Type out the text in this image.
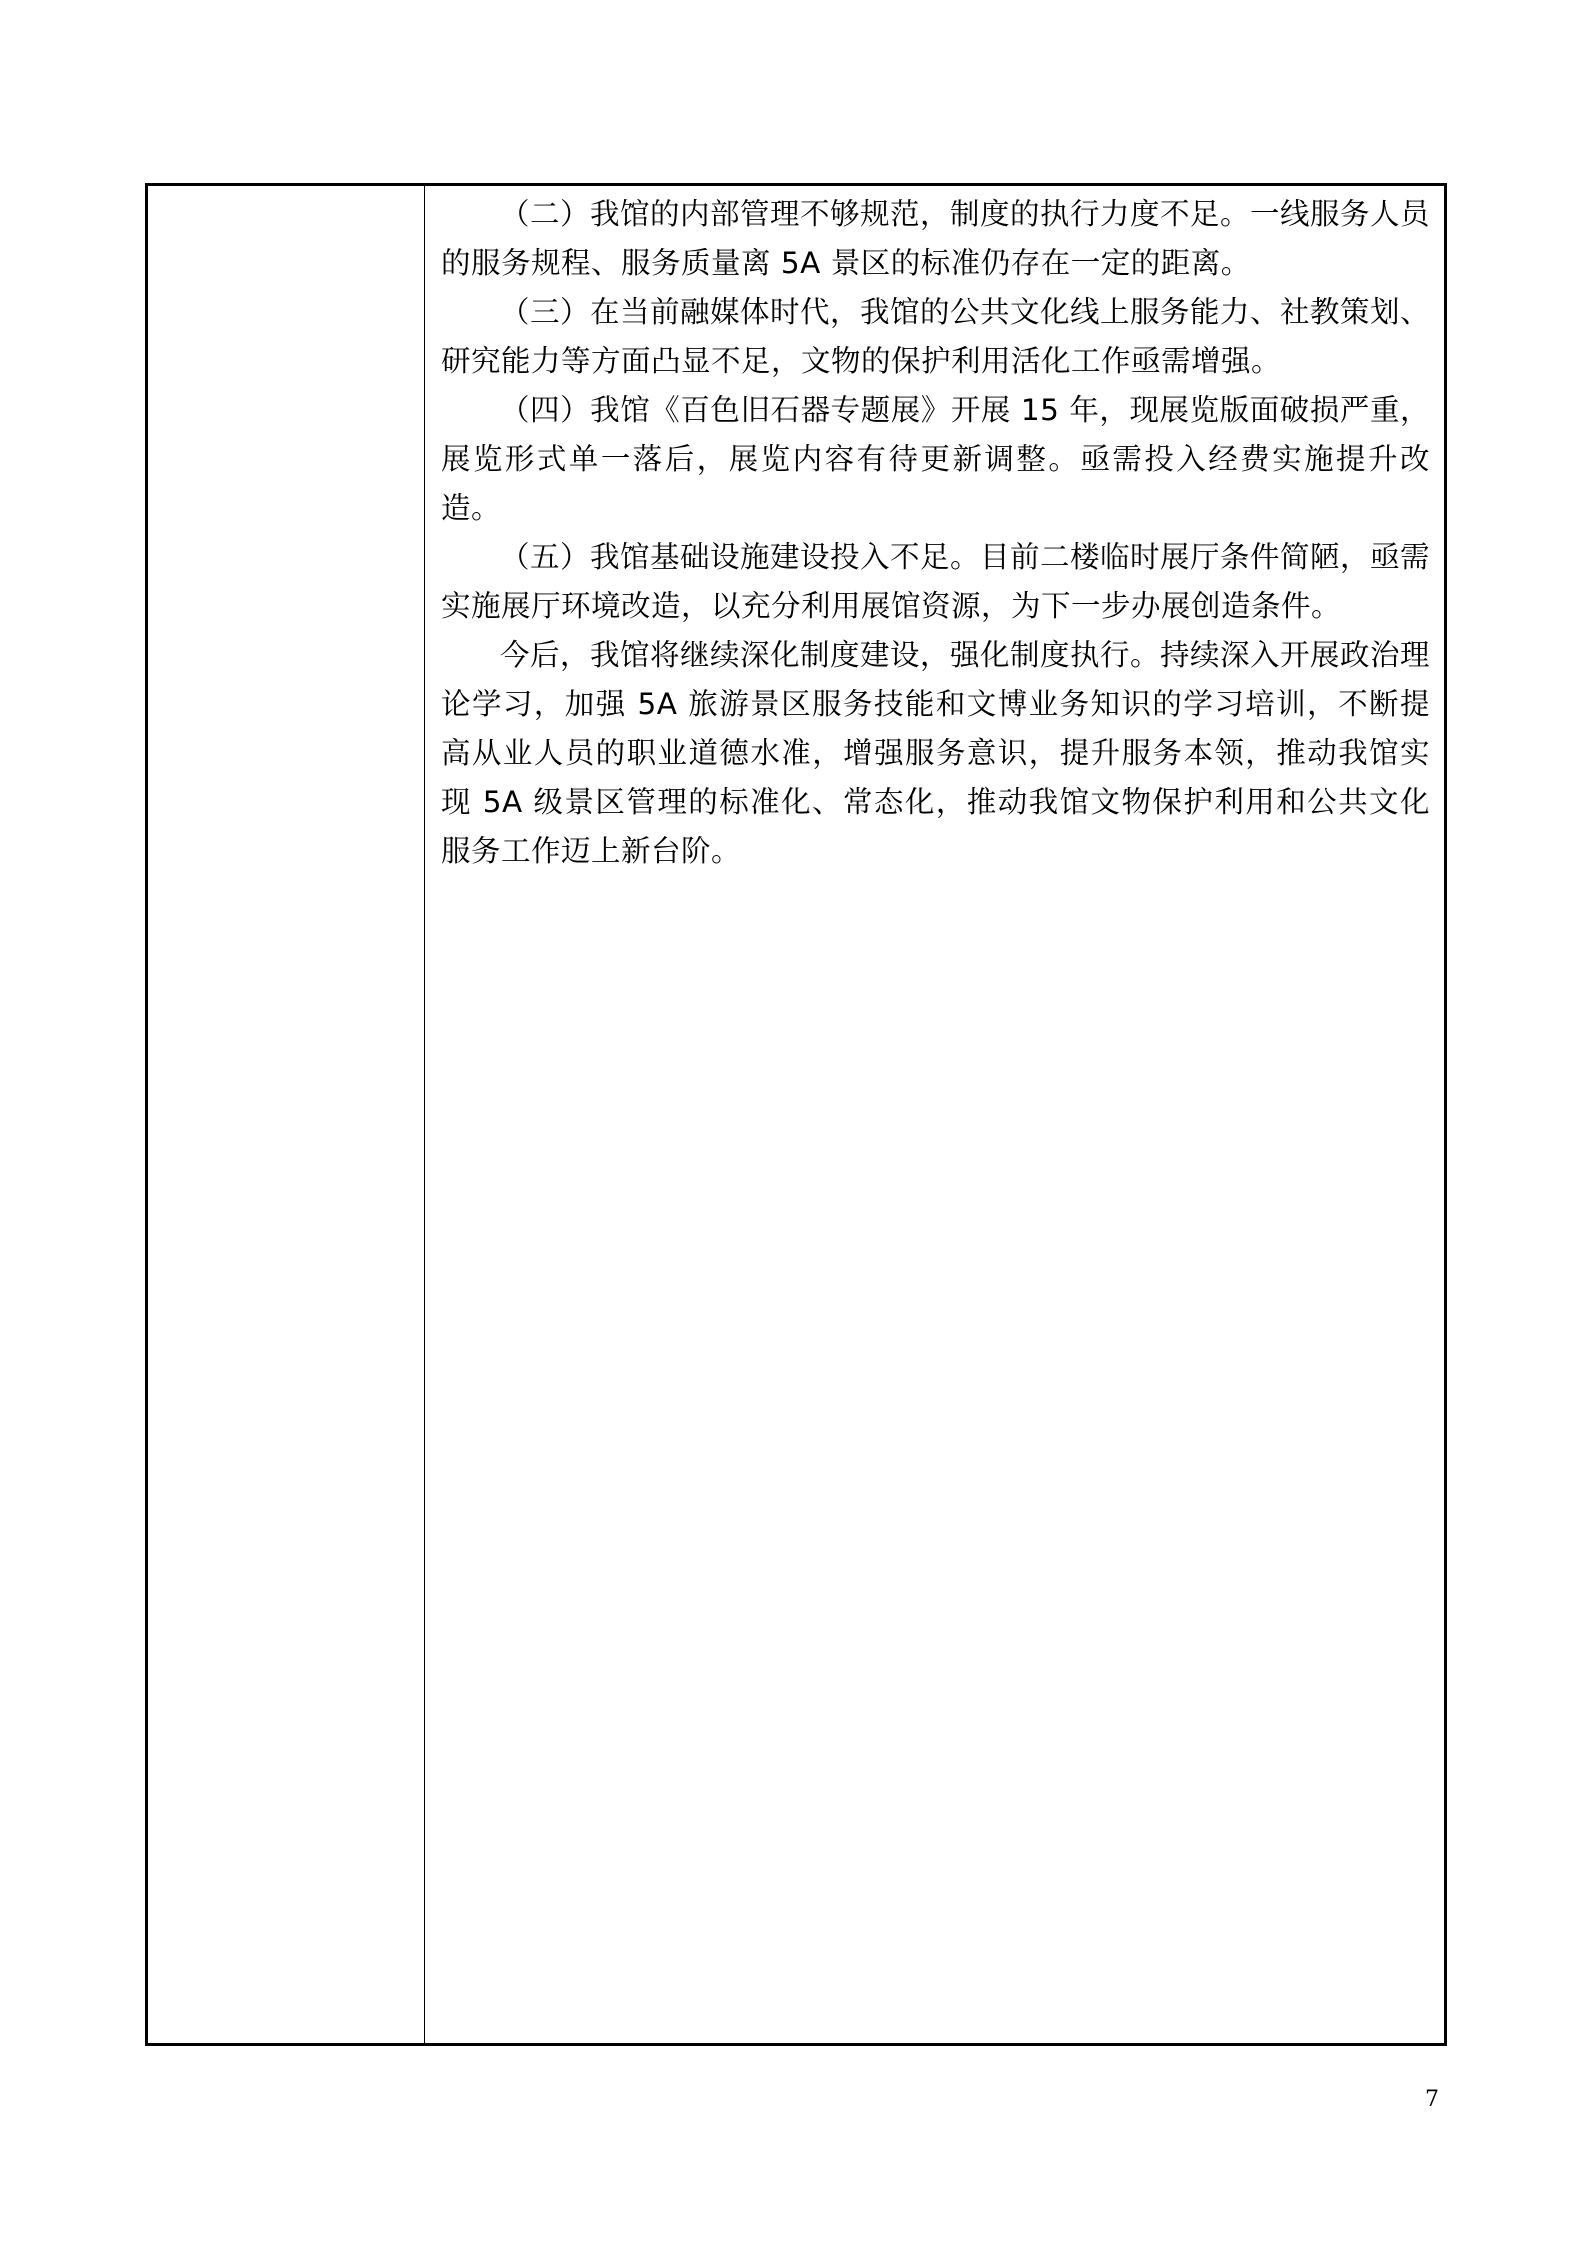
（二）我馆的内部管理不够规范，制度的执行力度不足。一线服务人员的服务规程、服务质量离 5A 景区的标准仍存在一定的距离。

（三）在当前融媒体时代，我馆的公共文化线上服务能力、社教策划、研究能力等方面凸显不足，文物的保护利用活化工作亟需增强。

（四）我馆《百色旧石器专题展》开展 15 年，现展览版面破损严重，展览形式单一落后，展览内容有待更新调整。亟需投入经费实施提升改造。

（五）我馆基础设施建设投入不足。目前二楼临时展厅条件简陋，亟需实施展厅环境改造，以充分利用展馆资源，为下一步办展创造条件。

今后，我馆将继续深化制度建设，强化制度执行。持续深入开展政治理论学习，加强 5A 旅游景区服务技能和文博业务知识的学习培训，不断提高从业人员的职业道德水准，增强服务意识，提升服务本领，推动我馆实现 5A 级景区管理的标准化、常态化，推动我馆文物保护利用和公共文化服务工作迈上新台阶。

7
